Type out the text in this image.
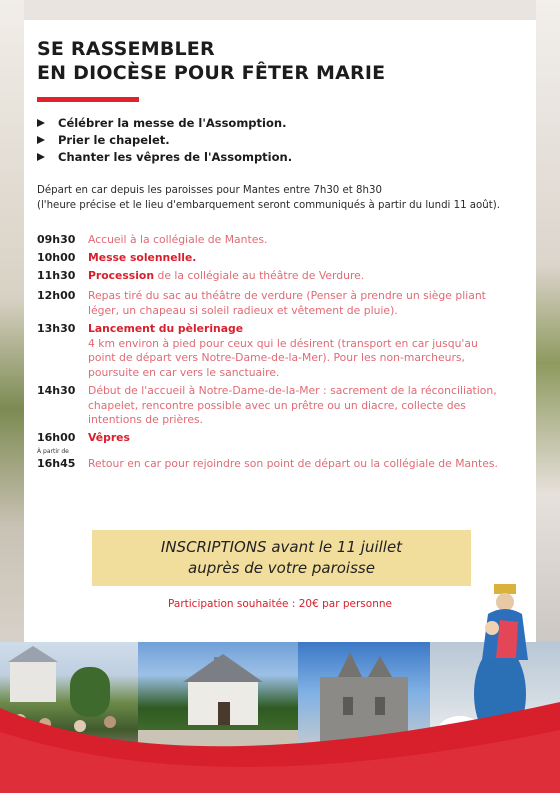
SE RASSEMBLER
EN DIOCÈSE POUR FÊTER MARIE
Célébrer la messe de l'Assomption.
Prier le chapelet.
Chanter les vêpres de l'Assomption.
Départ en car depuis les paroisses pour Mantes entre 7h30 et 8h30
(l'heure précise et le lieu d'embarquement seront communiqués à partir du lundi 11 août).
09h30 Accueil à la collégiale de Mantes.
10h00 Messe solennelle.
11h30 Procession de la collégiale au théâtre de Verdure.
12h00 Repas tiré du sac au théâtre de verdure (Penser à prendre un siège pliant léger, un chapeau si soleil radieux et vêtement de pluie).
13h30 Lancement du pèlerinage
4 km environ à pied pour ceux qui le désirent (transport en car jusqu'au point de départ vers Notre-Dame-de-la-Mer). Pour les non-marcheurs, poursuite en car vers le sanctuaire.
14h30 Début de l'accueil à Notre-Dame-de-la-Mer : sacrement de la réconciliation, chapelet, rencontre possible avec un prêtre ou un diacre, collecte des intentions de prières.
16h00 Vêpres
À partir de
16h45 Retour en car pour rejoindre son point de départ ou la collégiale de Mantes.
INSCRIPTIONS avant le 11 juillet
auprès de votre paroisse
Participation souhaitée : 20€ par personne
